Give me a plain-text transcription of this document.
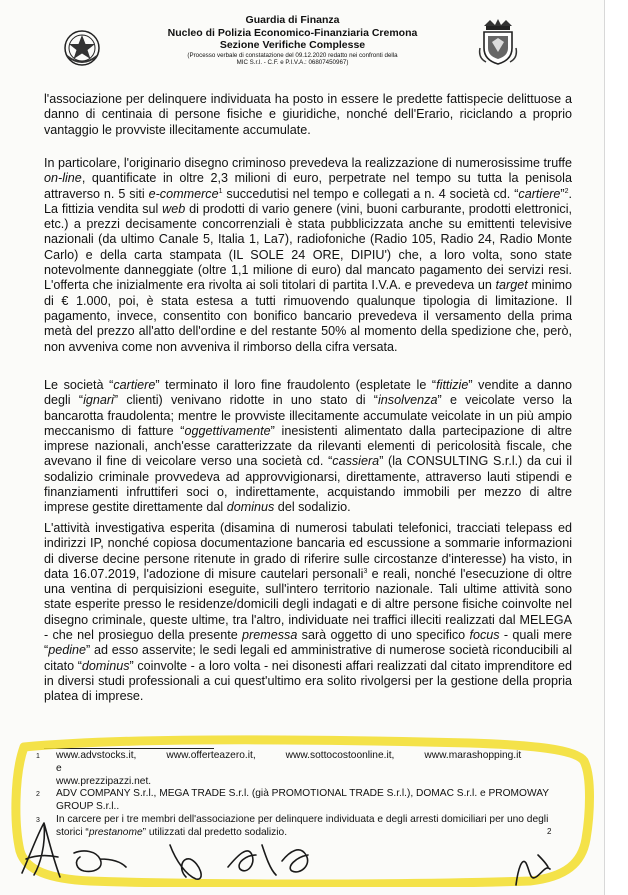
Guardia di Finanza
Nucleo di Polizia Economico-Finanziaria Cremona
Sezione Verifiche Complesse
(Processo verbale di constatazione del 09.12.2020 redatto nei confronti della
MIC S.r.l. - C.F. e P.I.V.A.: 06807450967)

l'associazione per delinquere individuata ha posto in essere le predette fattispecie delittuose a danno di centinaia di persone fisiche e giuridiche, nonché dell'Erario, riciclando a proprio vantaggio le provviste illecitamente accumulate.

In particolare, l'originario disegno criminoso prevedeva la realizzazione di numerosissime truffe on-line, quantificate in oltre 2,3 milioni di euro, perpetrate nel tempo su tutta la penisola attraverso n. 5 siti e-commerce$^1$ succedutisi nel tempo e collegati a n. 4 società cd. “cartiere”$^2$. La fittizia vendita sul web di prodotti di vario genere (vini, buoni carburante, prodotti elettronici, etc.) a prezzi decisamente concorrenziali è stata pubblicizzata anche su emittenti televisive nazionali (da ultimo Canale 5, Italia 1, La7), radiofoniche (Radio 105, Radio 24, Radio Monte Carlo) e della carta stampata (IL SOLE 24 ORE, DIPIU') che, a loro volta, sono state notevolmente danneggiate (oltre 1,1 milione di euro) dal mancato pagamento dei servizi resi. L'offerta che inizialmente era rivolta ai soli titolari di partita I.V.A. e prevedeva un target minimo di € 1.000, poi, è stata estesa a tutti rimuovendo qualunque tipologia di limitazione. Il pagamento, invece, consentito con bonifico bancario prevedeva il versamento della prima metà del prezzo all'atto dell'ordine e del restante 50% al momento della spedizione che, però, non avveniva come non avveniva il rimborso della cifra versata.

Le società “cartiere” terminato il loro fine fraudolento (espletate le “fittizie” vendite a danno degli “ignari” clienti) venivano ridotte in uno stato di “insolvenza” e veicolate verso la bancarotta fraudolenta; mentre le provviste illecitamente accumulate veicolate in un più ampio meccanismo di fatture “oggettivamente” inesistenti alimentato dalla partecipazione di altre imprese nazionali, anch'esse caratterizzate da rilevanti elementi di pericolosità fiscale, che avevano il fine di veicolare verso una società cd. “cassiera” (la CONSULTING S.r.l.) da cui il sodalizio criminale provvedeva ad approvvigionarsi, direttamente, attraverso lauti stipendi e finanziamenti infruttiferi soci o, indirettamente, acquistando immobili per mezzo di altre imprese gestite direttamente dal dominus del sodalizio.

L'attività investigativa esperita (disamina di numerosi tabulati telefonici, tracciati telepass ed indirizzi IP, nonché copiosa documentazione bancaria ed escussione a sommarie informazioni di diverse decine persone ritenute in grado di riferire sulle circostanze d'interesse) ha visto, in data 16.07.2019, l'adozione di misure cautelari personali$^3$ e reali, nonché l'esecuzione di oltre una ventina di perquisizioni eseguite, sull'intero territorio nazionale. Tali ultime attività sono state esperite presso le residenze/domicili degli indagati e di altre persone fisiche coinvolte nel disegno criminale, queste ultime, tra l'altro, individuate nei traffici illeciti realizzati dal MELEGA - che nel prosieguo della presente premessa sarà oggetto di uno specifico focus - quali mere “pedine” ad esso asservite; le sedi legali ed amministrative di numerose società riconducibili al citato “dominus” coinvolte - a loro volta - nei disonesti affari realizzati dal citato imprenditore ed in diversi studi professionali a cui quest'ultimo era solito rivolgersi per la gestione della propria platea di imprese.

1	www.advstocks.it,	www.offerteazero.it,	www.sottocostoonline.it,	www.marashopping.it
e
www.prezzipazzi.net.
2	ADV COMPANY S.r.l., MEGA TRADE S.r.l. (già PROMOTIONAL TRADE S.r.l.), DOMAC S.r.l. e PROMOWAY GROUP S.r.l..
3	In carcere per i tre membri dell'associazione per delinquere individuata e degli arresti domiciliari per uno degli storici “prestanome” utilizzati dal predetto sodalizio.	2
